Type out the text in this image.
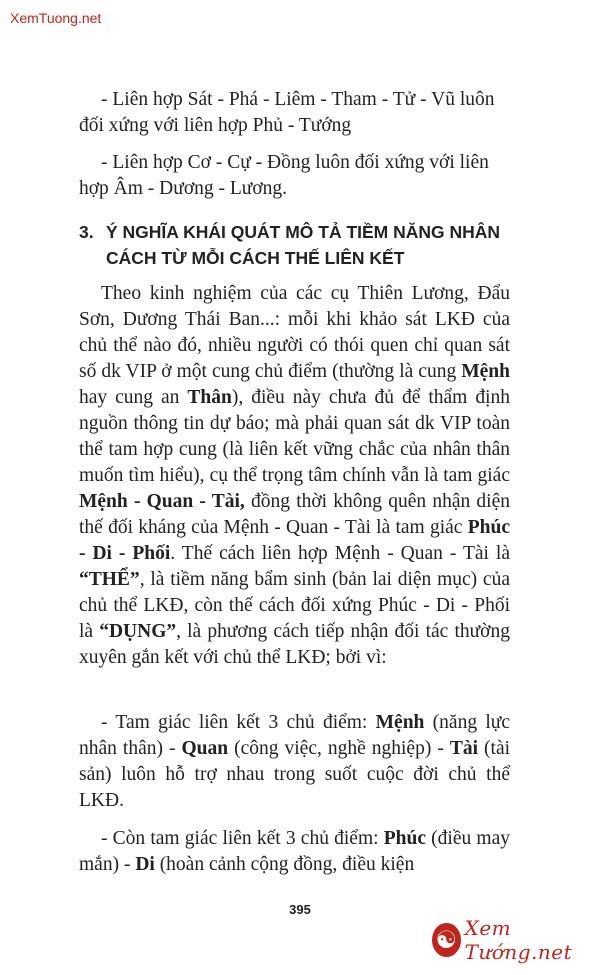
XemTuong.net

- Liên hợp Sát - Phá - Liêm - Tham - Tử - Vũ luôn
đối xứng với liên hợp Phủ - Tướng

- Liên hợp Cơ - Cự - Đồng luôn đối xứng với liên
hợp Âm - Dương - Lương.

3. Ý NGHĨA KHÁI QUÁT MÔ TẢ TIỀM NĂNG NHÂN
CÁCH TỪ MỖI CÁCH THẾ LIÊN KẾT

Theo kinh nghiệm của các cụ Thiên Lương, Đẩu Sơn, Dương Thái Ban...: mỗi khi khảo sát LKĐ của chủ thể nào đó, nhiều người có thói quen chỉ quan sát số dk VIP ở một cung chủ điểm (thường là cung Mệnh hay cung an Thân), điều này chưa đủ để thẩm định nguồn thông tin dự báo; mà phải quan sát dk VIP toàn thể tam hợp cung (là liên kết vững chắc của nhân thân muốn tìm hiểu), cụ thể trọng tâm chính vẫn là tam giác Mệnh - Quan - Tài, đồng thời không quên nhận diện thế đối kháng của Mệnh - Quan - Tài là tam giác Phúc - Di - Phối. Thế cách liên hợp Mệnh - Quan - Tài là “THỂ”, là tiềm năng bẩm sinh (bản lai diện mục) của chủ thể LKĐ, còn thế cách đối xứng Phúc - Di - Phối là “DỤNG”, là phương cách tiếp nhận đối tác thường xuyên gắn kết với chủ thể LKĐ; bởi vì:

- Tam giác liên kết 3 chủ điểm: Mệnh (năng lực nhân thân) - Quan (công việc, nghề nghiệp) - Tài (tài sản) luôn hỗ trợ nhau trong suốt cuộc đời chủ thể LKĐ.

- Còn tam giác liên kết 3 chủ điểm: Phúc (điều may mắn) - Di (hoàn cảnh cộng đồng, điều kiện

395
☯ Xem Tướng.net
